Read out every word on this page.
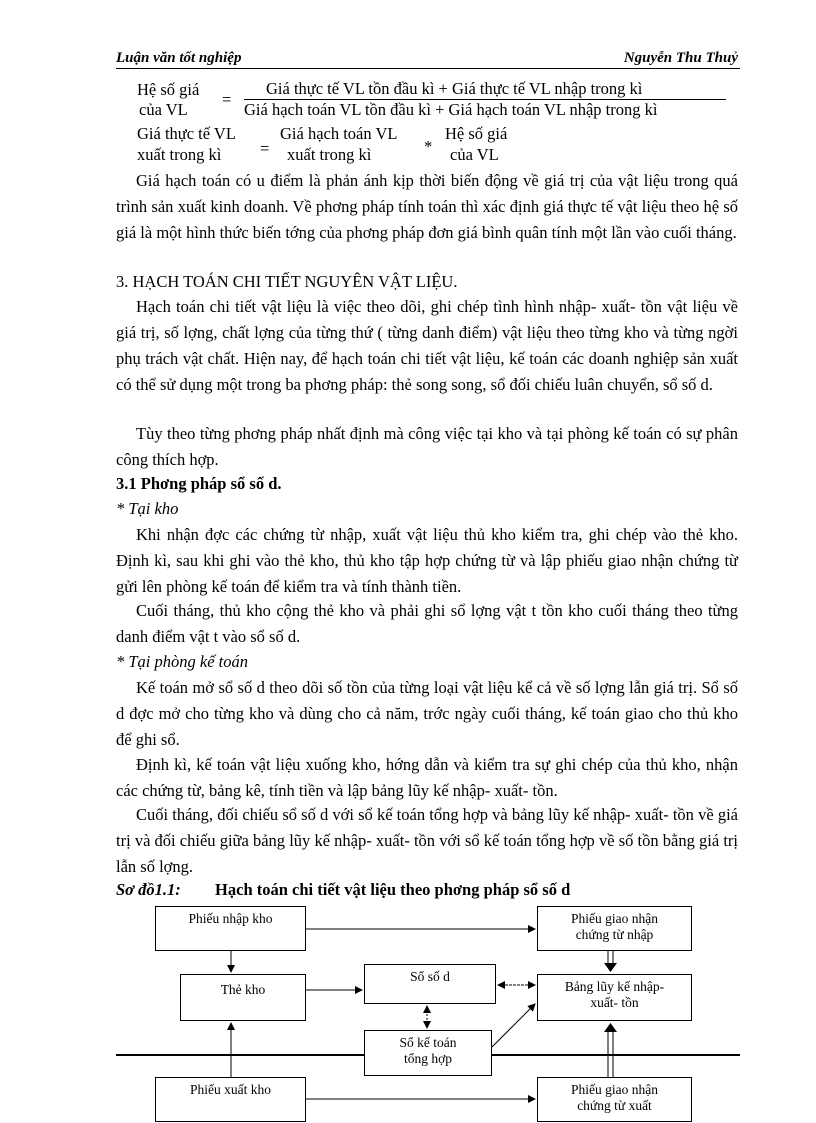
Luận văn tốt nghiệp	Nguyễn Thu Thuỷ
Hệ số giá
của VL
=
Giá thực tế VL tồn đầu kì + Giá thực tế VL nhập trong kì
Giá hạch toán VL tồn đầu kì + Giá hạch toán VL nhập trong kì
Giá thực tế VL
xuất trong kì =
Giá hạch toán VL
xuất trong kì	*
Hệ số giá
của VL
Giá hạch toán có u điểm là phản ánh kịp thời biến động về giá trị của vật liệu trong quá trình sản xuất kinh doanh. Về phơng pháp tính toán thì xác định giá thực tế vật liệu theo hệ số giá là một hình thức biến tớng của phơng pháp đơn giá bình quân tính một lần vào cuối tháng.
3. HẠCH TOÁN CHI TIẾT NGUYÊN VẬT LIỆU.
Hạch toán chi tiết vật liệu là việc theo dõi, ghi chép tình hình nhập- xuất- tồn vật liệu về giá trị, số lợng, chất lợng của từng thứ ( từng danh điểm) vật liệu theo từng kho và từng ngời phụ trách vật chất. Hiện nay, để hạch toán chi tiết vật liệu, kế toán các doanh nghiệp sản xuất có thể sử dụng một trong ba phơng pháp: thẻ song song, sổ đối chiếu luân chuyển, sổ số d.
Tùy theo từng phơng pháp nhất định mà công việc tại kho và tại phòng kế toán có sự phân công thích hợp.
3.1 Phơng pháp sổ số d.
* Tại kho
Khi nhận đợc các chứng từ nhập, xuất vật liệu thủ kho kiểm tra, ghi chép vào thẻ kho. Định kì, sau khi ghi vào thẻ kho, thủ kho tập hợp chứng từ và lập phiếu giao nhận chứng từ gửi lên phòng kế toán để kiểm tra và tính thành tiền.
Cuối tháng, thủ kho cộng thẻ kho và phải ghi sổ lợng vật t tồn kho cuối tháng theo từng danh điểm vật t vào sổ số d.
* Tại phòng kế toán
Kế toán mở sổ số d theo dõi số tồn của từng loại vật liệu kể cả về số lợng lẫn giá trị. Sổ số d đợc mở cho từng kho và dùng cho cả năm, trớc ngày cuối tháng, kế toán giao cho thủ kho để ghi sổ.
Định kì, kế toán vật liệu xuống kho, hớng dẫn và kiểm tra sự ghi chép của thủ kho, nhận các chứng từ, bảng kê, tính tiền và lập bảng lũy kế nhập- xuất- tồn.
Cuối tháng, đối chiếu sổ số d với sổ kế toán tổng hợp và bảng lũy kế nhập- xuất- tồn về giá trị và đối chiếu giữa bảng lũy kế nhập- xuất- tồn với sổ kế toán tổng hợp về số tồn bằng giá trị lẫn số lợng.
Sơ đồ1.1: Hạch toán chi tiết vật liệu theo phơng pháp sổ số d
Phiếu nhập kho	Phiếu giao nhận
chứng từ nhập
Thẻ kho
Sổ số d
Bảng lũy kế nhập-
xuất- tồn
Sổ kế toán
tổng hợp
Phiếu xuất kho	Phiếu giao nhận
chứng từ xuất
